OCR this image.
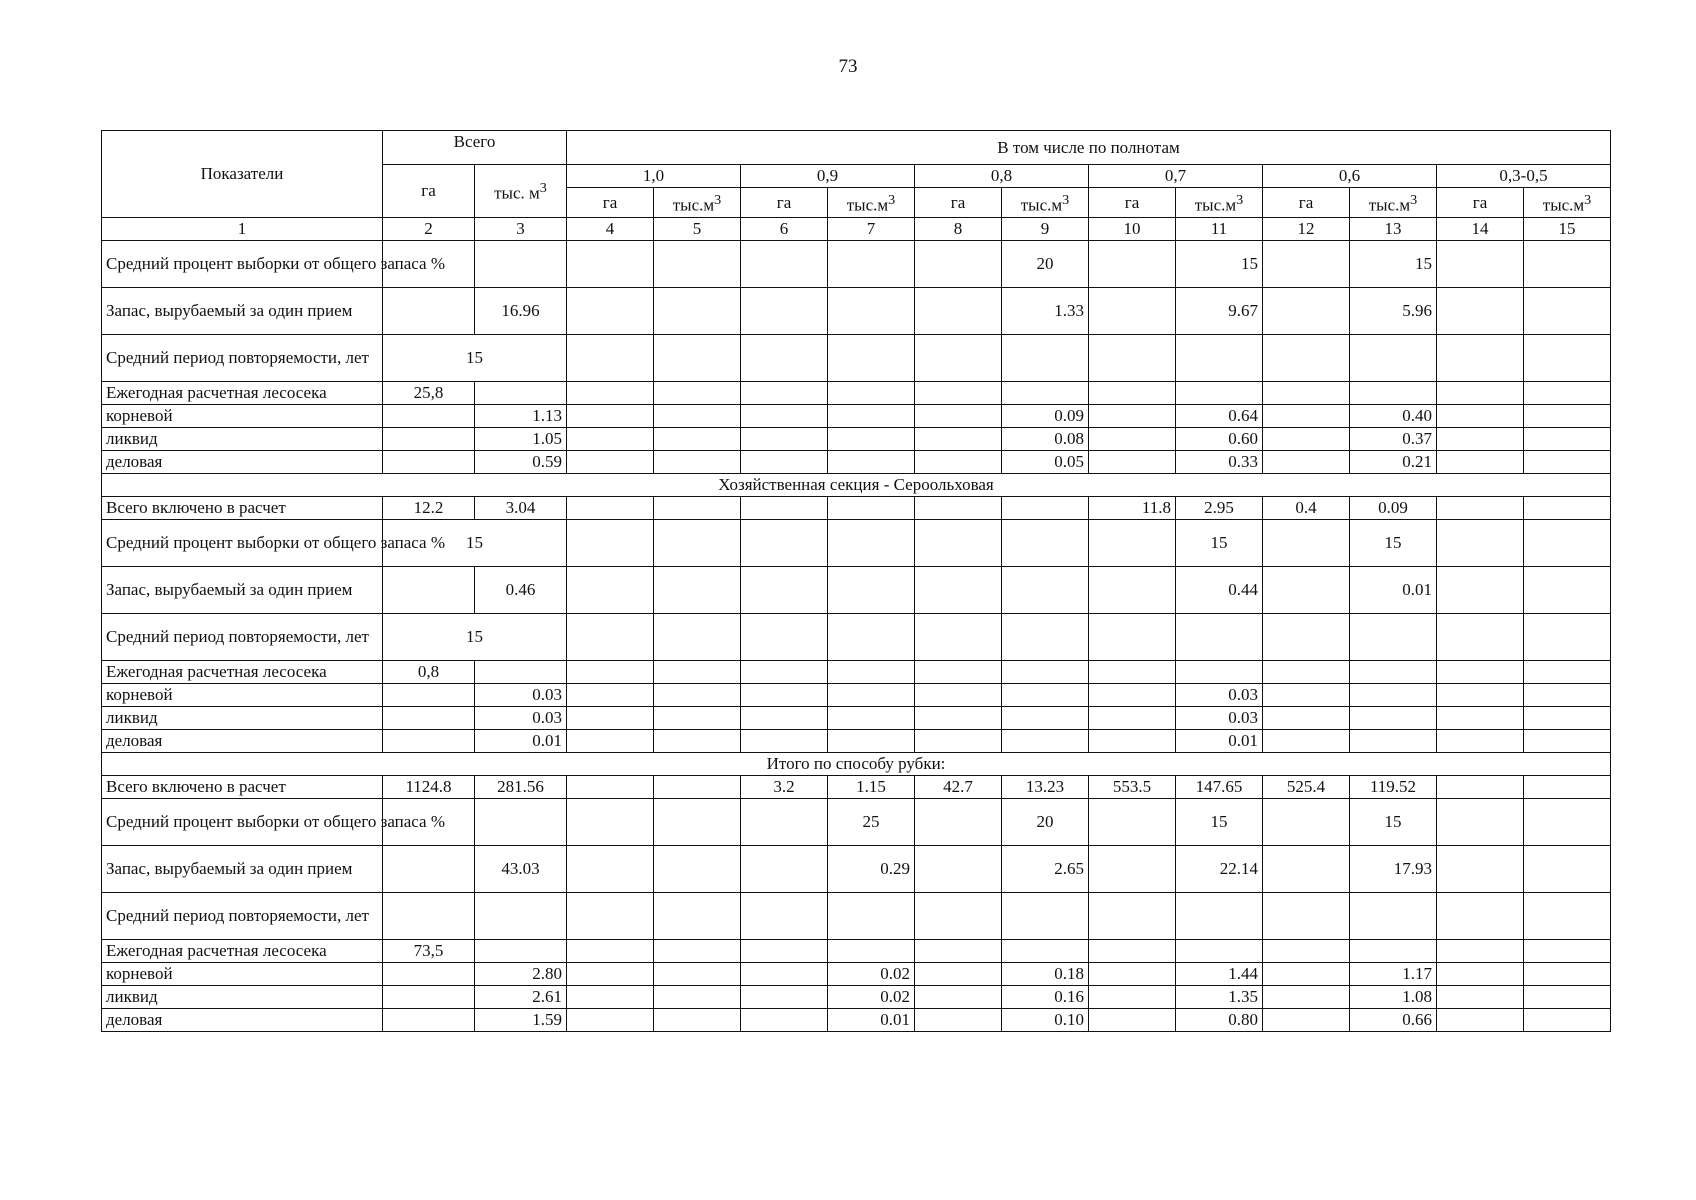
73
Показатели	Всего		В том числе по полнотам											
	га	тыс. $м^3$	1,0		0,9		0,8		0,7		0,6		0,3-0,5	
			га	$тыс.м^3$	га	$тыс.м^3$	га	$тыс.м^3$	га	$тыс.м^3$	га	$тыс.м^3$	га	$тыс.м^3$
1	2	3	4	5	6	7	8	9	10	11	12	13	14	15
Средний процент выборки от общего запаса %								20		15		15		
Запас, вырубаемый за один прием		16.96						1.33		9.67		5.96		
Средний период повторяемости, лет	15													
Ежегодная расчетная лесосека	25,8													
корневой		1.13						0.09		0.64		0.40		
ликвид		1.05						0.08		0.60		0.37		
деловая		0.59						0.05		0.33		0.21		
Хозяйственная секция - Сероольховая														
Всего включено в расчет	12.2	3.04							11.8	2.95	0.4	0.09		
Средний процент выборки от общего запаса %	15									15		15		
Запас, вырубаемый за один прием		0.46								0.44		0.01		
Средний период повторяемости, лет	15													
Ежегодная расчетная лесосека	0,8													
корневой		0.03								0.03				
ликвид		0.03								0.03				
деловая		0.01								0.01				
Итого по способу рубки:														
Всего включено в расчет	1124.8	281.56			3.2	1.15	42.7	13.23	553.5	147.65	525.4	119.52		
Средний процент выборки от общего запаса %						25		20		15		15		
Запас, вырубаемый за один прием		43.03				0.29		2.65		22.14		17.93		
Средний период повторяемости, лет														
Ежегодная расчетная лесосека	73,5													
корневой		2.80				0.02		0.18		1.44		1.17		
ликвид		2.61				0.02		0.16		1.35		1.08		
деловая		1.59				0.01		0.10		0.80		0.66		
